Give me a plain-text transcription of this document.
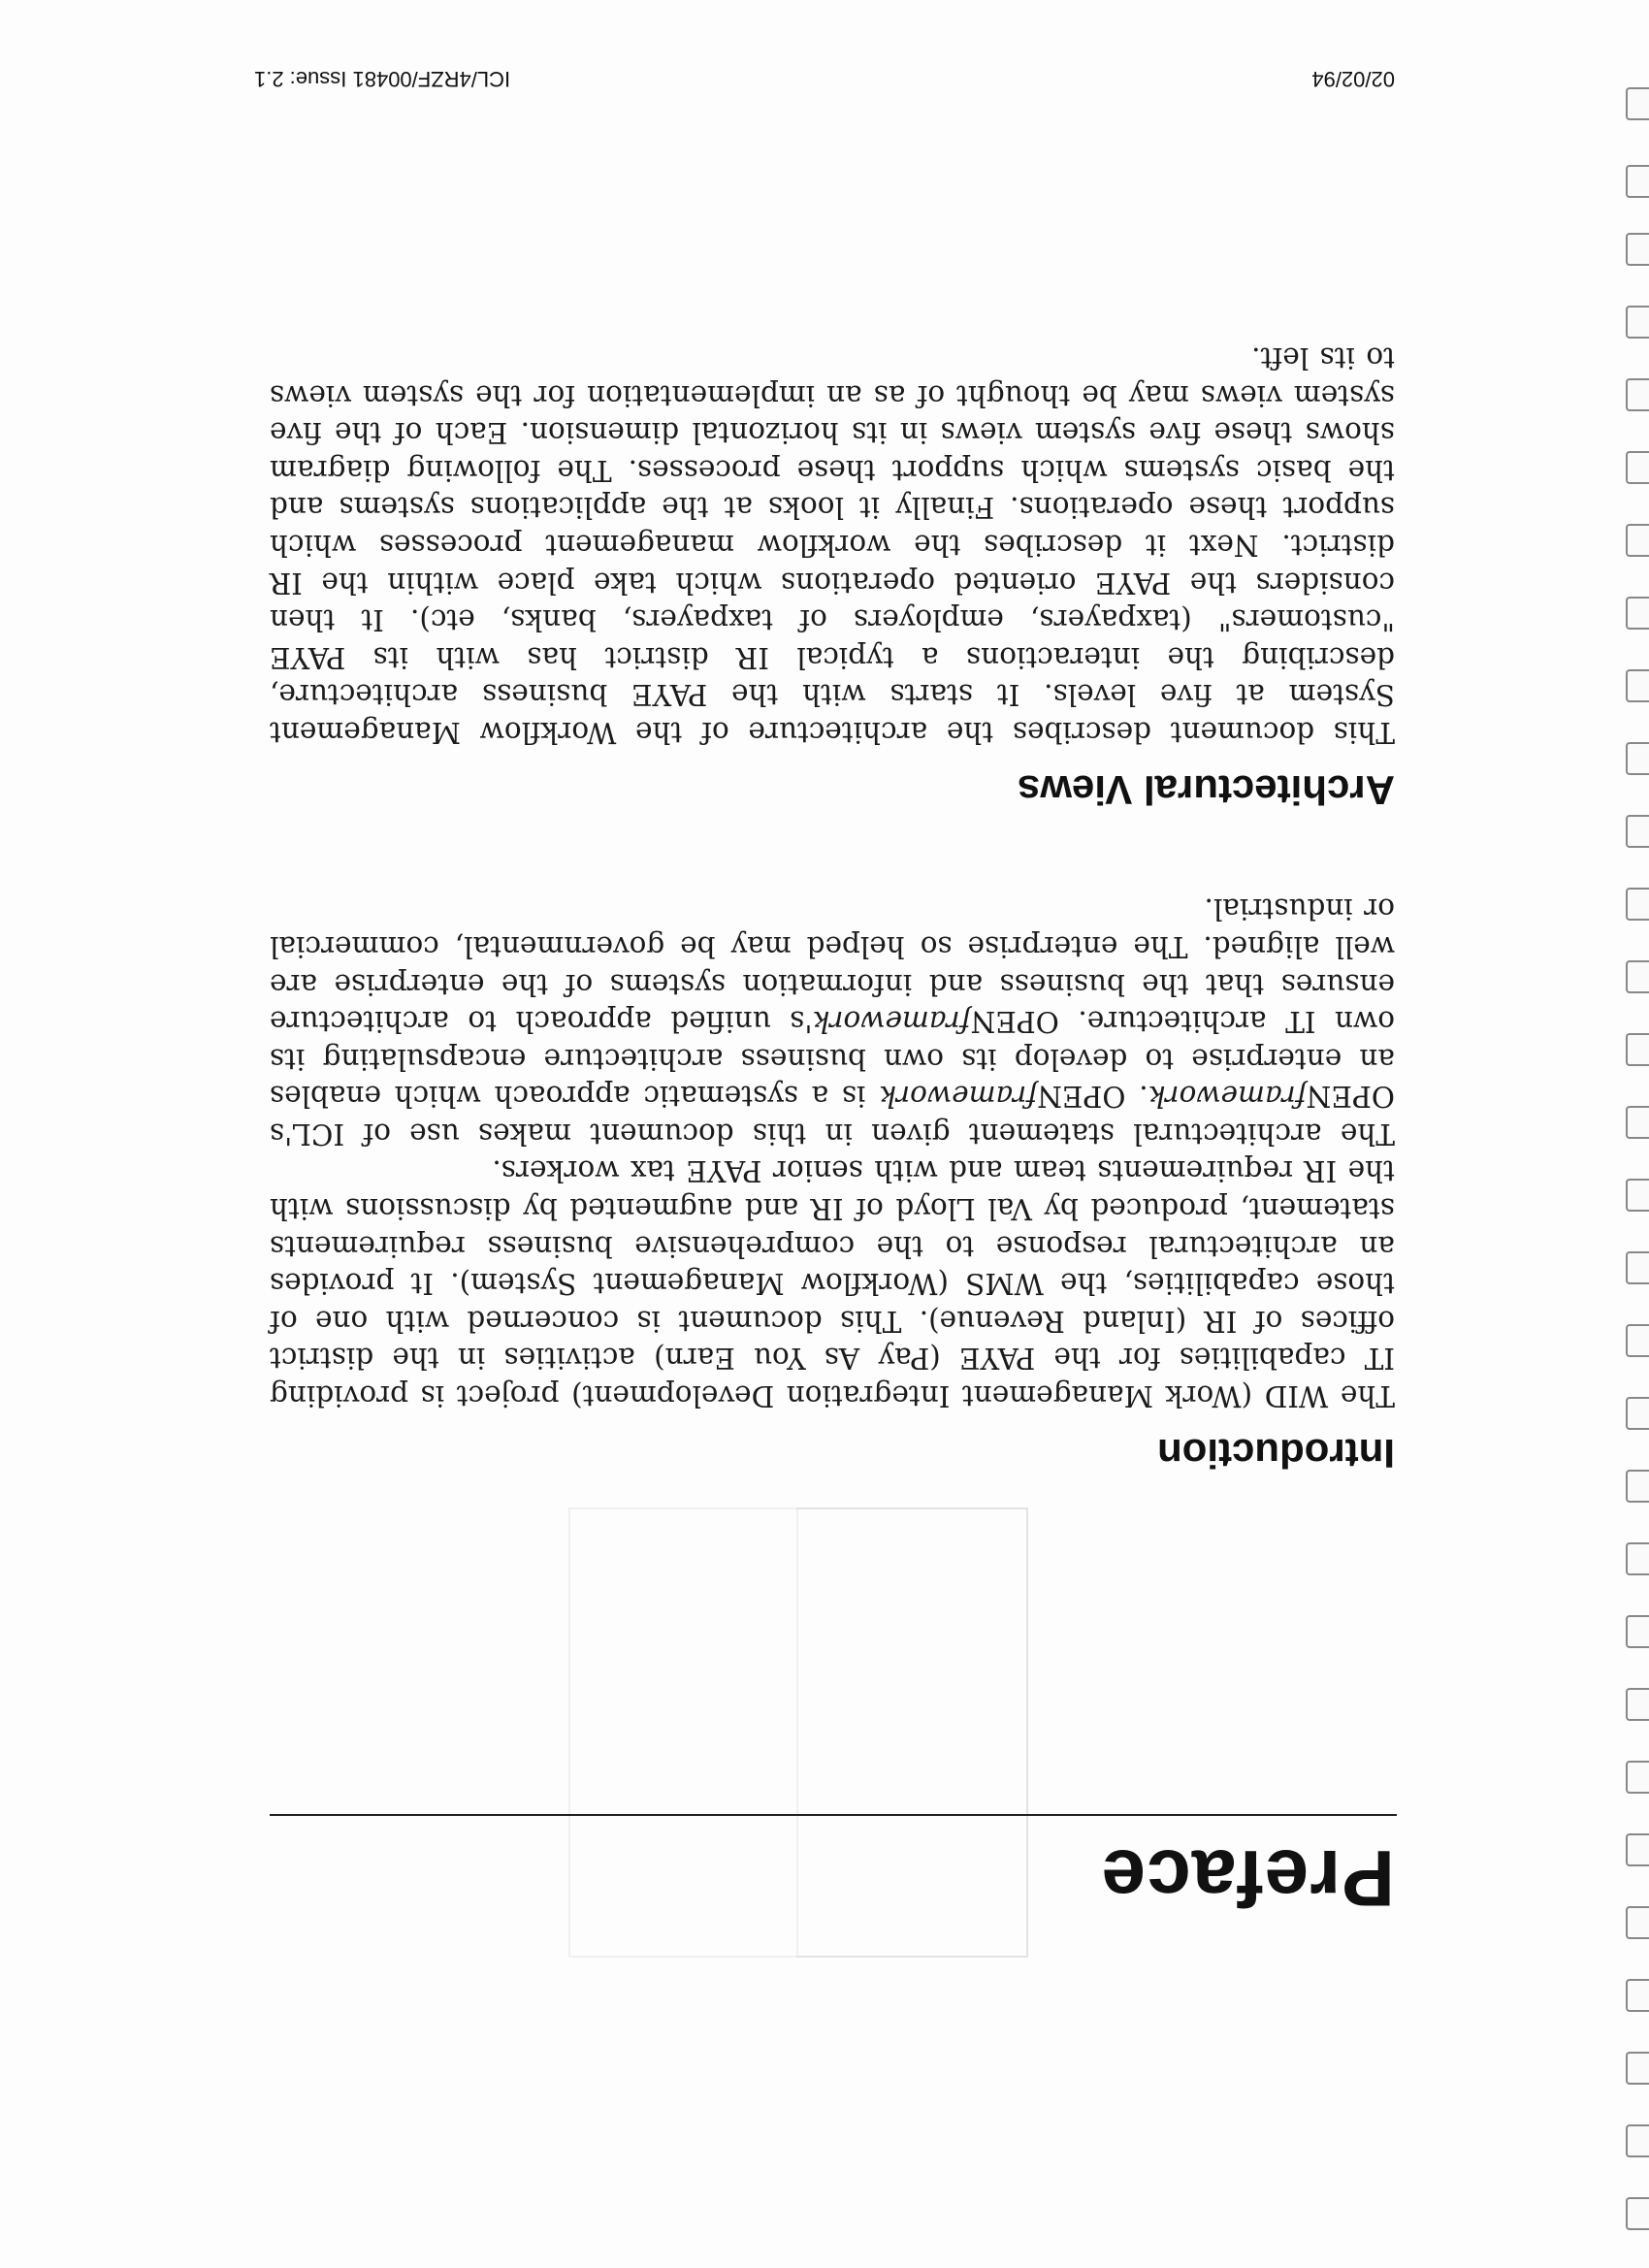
Preface
Introduction

The WID (Work Management Integration Development) project is providing IT capabilities for the PAYE (Pay As You Earn) activities in the district offices of IR (Inland Revenue). This document is concerned with one of those capabilities, the WMS (Workflow Management System). It provides an architectural response to the comprehensive business requirements statement, produced by Val Lloyd of IR and augmented by discussions with the IR requirements team and with senior PAYE tax workers.

The architectural statement given in this document makes use of ICL's OPENframework. OPENframework is a systematic approach which enables an enterprise to develop its own business architecture encapsulating its own IT architecture. OPENframework's unified approach to architecture ensures that the business and information systems of the enterprise are well aligned. The enterprise so helped may be governmental, commercial or industrial.

Architectural Views

This document describes the architecture of the Workflow Management System at five levels. It starts with the PAYE business architecture, describing the interactions a typical IR district has with its PAYE "customers" (taxpayers, employers of taxpayers, banks, etc). It then considers the PAYE oriented operations which take place within the IR district. Next it describes the workflow management processes which support these operations. Finally it looks at the applications systems and the basic systems which support these processes. The following diagram shows these five system views in its horizontal dimension. Each of the five system views may be thought of as an implementation for the system views to its left.

02/02/94
ICL/4RZF/00481 Issue: 2.1
